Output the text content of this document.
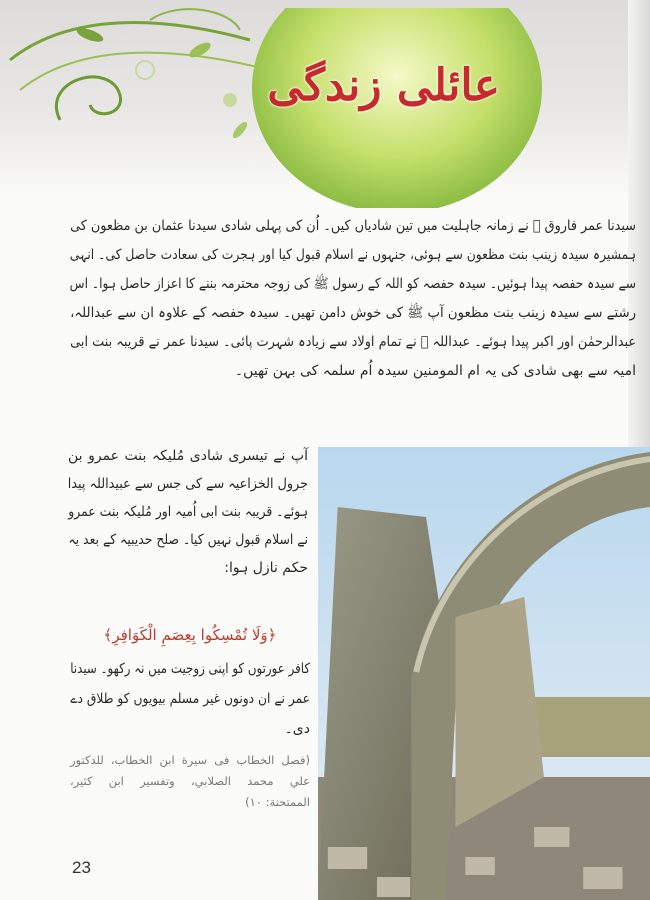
عائلی زندگی
سیدنا عمر فاروق ﷛ نے زمانہ جاہلیت میں تین شادیاں کیں۔ اُن کی پہلی شادی سیدنا عثمان بن مظعون کی
ہمشیرہ سیدہ زینب بنت مظعون سے ہوئی، جنہوں نے اسلام قبول کیا اور ہجرت کی سعادت حاصل کی۔ انہی
سے سیدہ حفصہ پیدا ہوئیں۔ سیدہ حفصہ کو اللہ کے رسول ﷺ کی زوجہ محترمہ بننے کا اعزاز حاصل ہوا۔ اس
رشتے سے سیدہ زینب بنت مظعون آپ ﷺ کی خوش دامن تھیں۔ سیدہ حفصہ کے علاوہ ان سے عبداللہ،
عبدالرحمٰن اور اکبر پیدا ہوئے۔ عبداللہ ﷛ نے تمام اولاد سے زیادہ شہرت پائی۔ سیدنا عمر نے قریبہ بنت ابی
امیہ سے بھی شادی کی یہ ام المومنین سیدہ اُم سلمہ کی بہن تھیں۔
آپ نے تیسری شادی مُلیکہ بنت عمرو بن
جرول الخزاعیہ سے کی جس سے عبیداللہ پیدا
ہوئے۔ قریبہ بنت ابی اُمیہ اور مُلیکہ بنت عمرو
نے اسلام قبول نہیں کیا۔ صلح حدیبیہ کے بعد یہ
حکم نازل ہوا:
﴿وَلَا تُمْسِكُوا بِعِصَمِ الْكَوَافِرِ﴾
کافر عورتوں کو اپنی زوجیت میں نہ رکھو۔ سیدنا
عمر نے ان دونوں غیر مسلم بیویوں کو طلاق دے
دی۔
(فصل الخطاب فی سیرة ابن الخطاب، للدكتور
علي محمد الصلابي، وتفسير ابن كثير،
الممتحنة: ١٠)
23
